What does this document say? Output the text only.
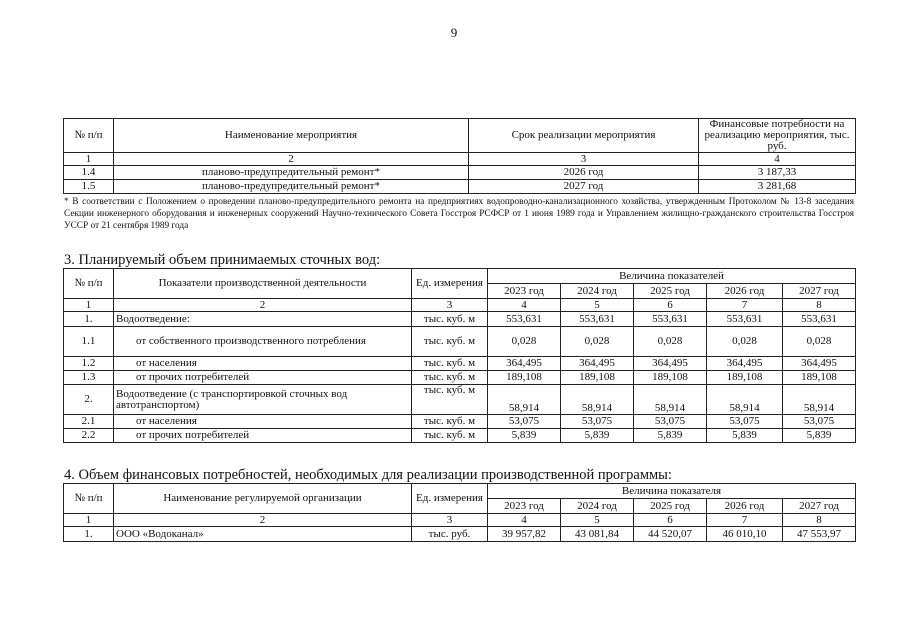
9
№ п/п	Наименование мероприятия	Срок реализации мероприятия	Финансовые потребности на реализацию мероприятия, тыс. руб.
1	2	3	4
1.4	планово-предупредительный ремонт*	2026 год	3 187,33
1.5	планово-предупредительный ремонт*	2027 год	3 281,68
* В соответствии с Положением о проведении планово-предупредительного ремонта на предприятиях водопроводно-канализационного хозяйства, утвержденным Протоколом № 13-8 заседания Секции инженерного оборудования и инженерных сооружений Научно-технического Совета Госстроя РСФСР от 1 июня 1989 года и Управлением жилищно-гражданского строительства Госстроя УССР от 21 сентября 1989 года
3. Планируемый объем принимаемых сточных вод:
№ п/п	Показатели производственной деятельности	Ед. измерения	Величина показателей				
			2023 год	2024 год	2025 год	2026 год	2027 год
1	2	3	4	5	6	7	8
1.	Водоотведение:	тыс. куб. м	553,631	553,631	553,631	553,631	553,631
1.1	от собственного производственного потребления	тыс. куб. м	0,028	0,028	0,028	0,028	0,028
1.2	от населения	тыс. куб. м	364,495	364,495	364,495	364,495	364,495
1.3	от прочих потребителей	тыс. куб. м	189,108	189,108	189,108	189,108	189,108
2.	Водоотведение (с транспортировкой сточных вод автотранспортом)	тыс. куб. м	58,914	58,914	58,914	58,914	58,914
2.1	от населения	тыс. куб. м	53,075	53,075	53,075	53,075	53,075
2.2	от прочих потребителей	тыс. куб. м	5,839	5,839	5,839	5,839	5,839
4. Объем финансовых потребностей, необходимых для реализации производственной программы:
№ п/п	Наименование регулируемой организации	Ед. измерения	Величина показателя				
			2023 год	2024 год	2025 год	2026 год	2027 год
1	2	3	4	5	6	7	8
1.	ООО «Водоканал»	тыс. руб.	39 957,82	43 081,84	44 520,07	46 010,10	47 553,97
